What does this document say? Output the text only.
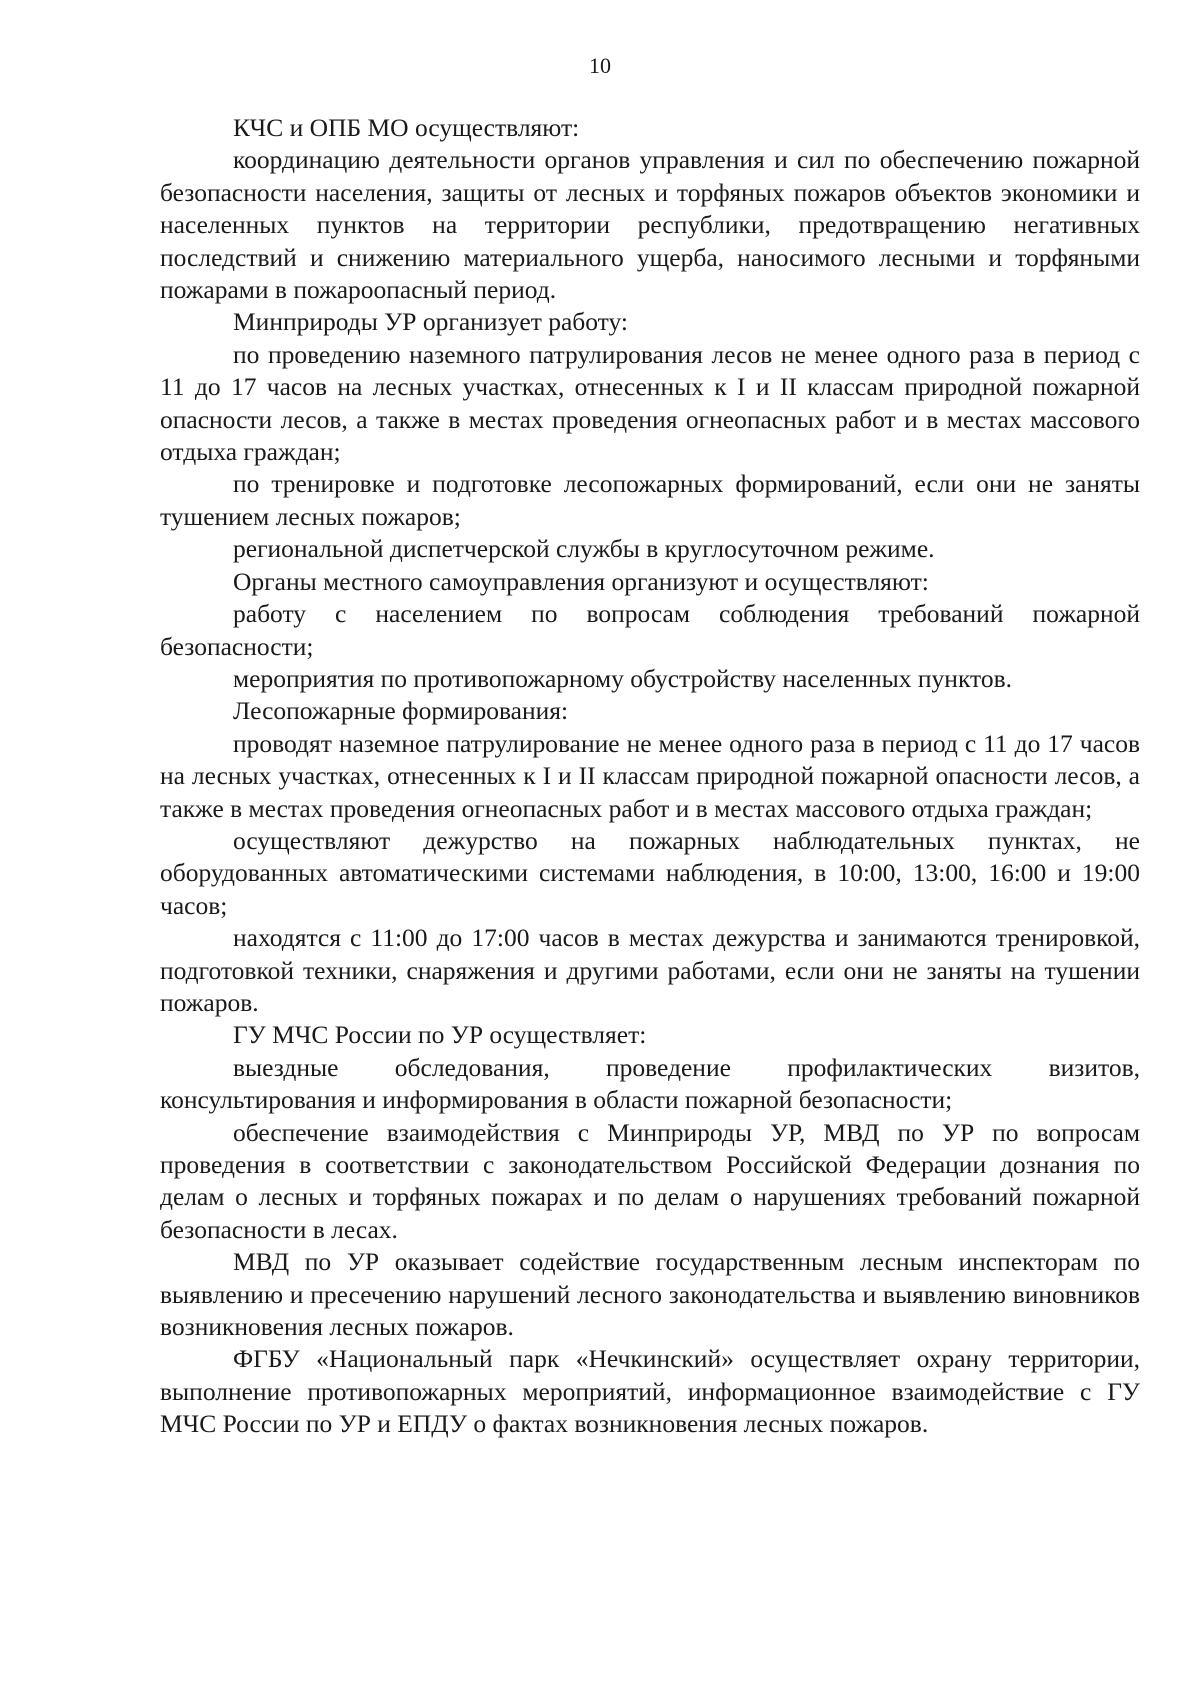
10

КЧС и ОПБ МО осуществляют:

координацию деятельности органов управления и сил по обеспечению пожарной безопасности населения, защиты от лесных и торфяных пожаров объектов экономики и населенных пунктов на территории республики, предотвращению негативных последствий и снижению материального ущерба, наносимого лесными и торфяными пожарами в пожароопасный период.

Минприроды УР организует работу:

по проведению наземного патрулирования лесов не менее одного раза в период с 11 до 17 часов на лесных участках, отнесенных к I и II классам природной пожарной опасности лесов, а также в местах проведения огнеопасных работ и в местах массового отдыха граждан;

по тренировке и подготовке лесопожарных формирований, если они не заняты тушением лесных пожаров;

региональной диспетчерской службы в круглосуточном режиме.

Органы местного самоуправления организуют и осуществляют:

работу с населением по вопросам соблюдения требований пожарной безопасности;

мероприятия по противопожарному обустройству населенных пунктов.

Лесопожарные формирования:

проводят наземное патрулирование не менее одного раза в период с 11 до 17 часов на лесных участках, отнесенных к I и II классам природной пожарной опасности лесов, а также в местах проведения огнеопасных работ и в местах массового отдыха граждан;

осуществляют дежурство на пожарных наблюдательных пунктах, не оборудованных автоматическими системами наблюдения, в 10:00, 13:00, 16:00 и 19:00 часов;

находятся с 11:00 до 17:00 часов в местах дежурства и занимаются тренировкой, подготовкой техники, снаряжения и другими работами, если они не заняты на тушении пожаров.

ГУ МЧС России по УР осуществляет:

выездные обследования, проведение профилактических визитов, консультирования и информирования в области пожарной безопасности;

обеспечение взаимодействия с Минприроды УР, МВД по УР по вопросам проведения в соответствии с законодательством Российской Федерации дознания по делам о лесных и торфяных пожарах и по делам о нарушениях требований пожарной безопасности в лесах.

МВД по УР оказывает содействие государственным лесным инспекторам по выявлению и пресечению нарушений лесного законодательства и выявлению виновников возникновения лесных пожаров.

ФГБУ «Национальный парк «Нечкинский» осуществляет охрану территории, выполнение противопожарных мероприятий, информационное взаимодействие с ГУ МЧС России по УР и ЕПДУ о фактах возникновения лесных пожаров.
